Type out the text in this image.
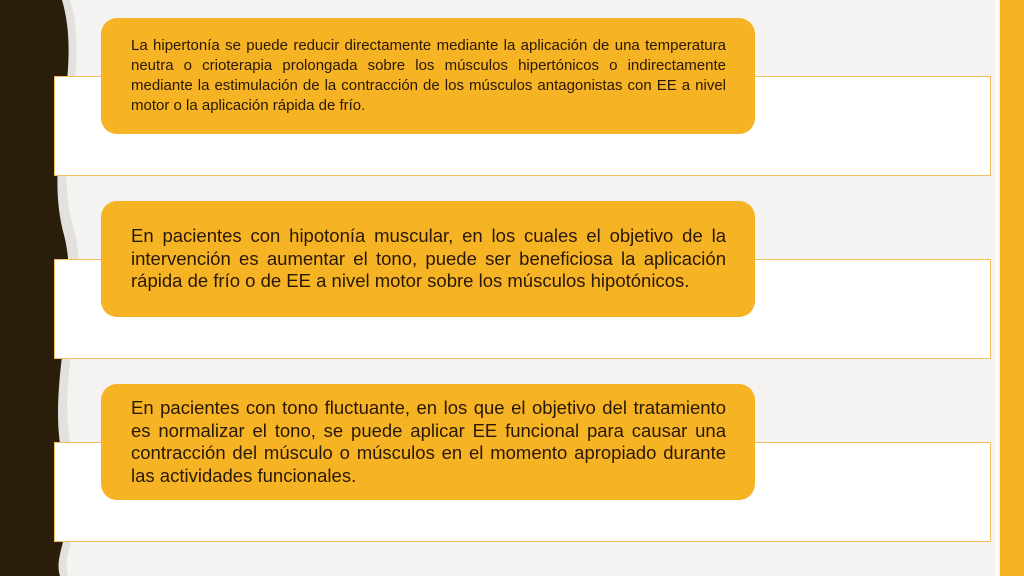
La hipertonía se puede reducir directamente mediante la aplicación de una temperatura neutra o crioterapia prolongada sobre los músculos hipertónicos o indirectamente mediante la estimulación de la contracción de los músculos antagonistas con EE a nivel motor o la aplicación rápida de frío.

En pacientes con hipotonía muscular, en los cuales el objetivo de la intervención es aumentar el tono, puede ser beneficiosa la aplicación rápida de frío o de EE a nivel motor sobre los músculos hipotónicos.

En pacientes con tono fluctuante, en los que el objetivo del tratamiento es normalizar el tono, se puede aplicar EE funcional para causar una contracción del músculo o músculos en el momento apropiado durante las actividades funcionales.
